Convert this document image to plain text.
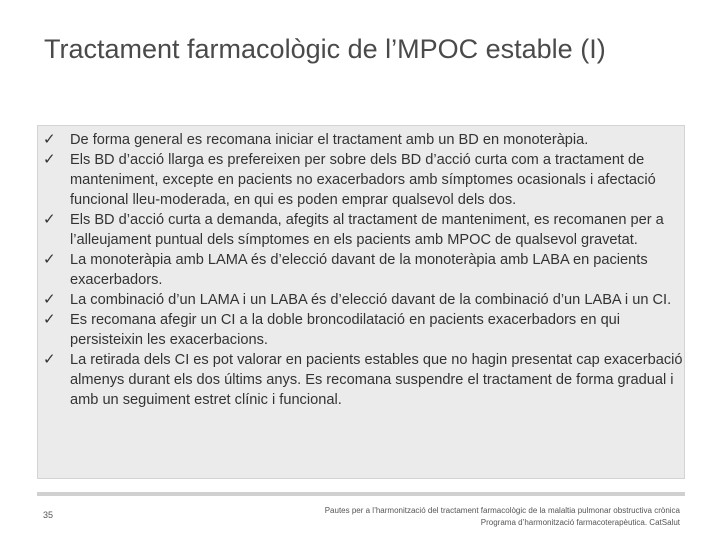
Tractament farmacològic de l’MPOC estable (I)
✓ De forma general es recomana iniciar el tractament amb un BD en monoteràpia.
✓ Els BD d’acció llarga es prefereixen per sobre dels BD d’acció curta com a tractament de manteniment, excepte en pacients no exacerbadors amb símptomes ocasionals i afectació funcional lleu-moderada, en qui es poden emprar qualsevol dels dos.
✓ Els BD d’acció curta a demanda, afegits al tractament de manteniment, es recomanen per a l’alleujament puntual dels símptomes en els pacients amb MPOC de qualsevol gravetat.
✓ La monoteràpia amb LAMA és d’elecció davant de la monoteràpia amb LABA en pacients exacerbadors.
✓ La combinació d’un LAMA i un LABA és d’elecció davant de la combinació d’un LABA i un CI.
✓ Es recomana afegir un CI a la doble broncodilatació en pacients exacerbadors en qui persisteixin les exacerbacions.
✓ La retirada dels CI es pot valorar en pacients estables que no hagin presentat cap exacerbació almenys durant els dos últims anys. Es recomana suspendre el tractament de forma gradual i amb un seguiment estret clínic i funcional.
35	Pautes per a l’harmonització del tractament farmacològic de la malaltia pulmonar obstructiva crònica
Programa d’harmonització farmacoterapèutica. CatSalut
